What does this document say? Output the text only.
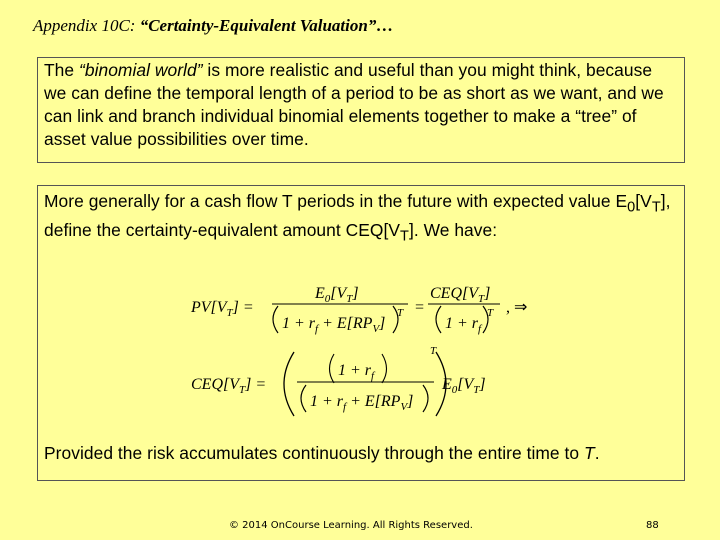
Appendix 10C: “Certainty-Equivalent Valuation”…

The “binomial world” is more realistic and useful than you might think, because we can define the temporal length of a period to be as short as we want, and we can link and branch individual binomial elements together to make a “tree” of asset value possibilities over time.

More generally for a cash flow T periods in the future with expected value $E_0[V_T]$, define the certainty-equivalent amount $CEQ[V_T]$. We have:

$PV[V_T]$ =
$E_0[V_T]$
$1 + r_f + E[RP_V]$
T =
$CEQ[V_T]$
$1 + r_f$
T , ⇒
$CEQ[V_T]$ =
$1 + r_f$
$1 + r_f + E[RP_V]$
T
$E_0[V_T]$

Provided the risk accumulates continuously through the entire time to T.

© 2014 OnCourse Learning. All Rights Reserved.	88
